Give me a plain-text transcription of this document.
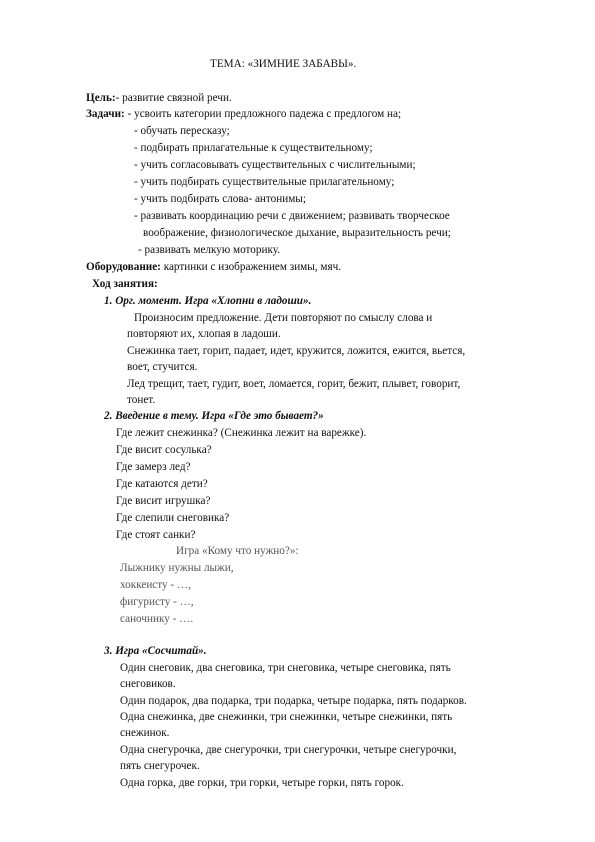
ТЕМА: «ЗИМНИЕ ЗАБАВЫ».
Цель:- развитие связной речи.
Задачи: - усвоить категории предложного падежа с предлогом на;
- обучать пересказу;
- подбирать прилагательные к существительному;
- учить согласовывать существительных с числительными;
- учить подбирать существительные прилагательному;
- учить подбирать слова- антонимы;
- развивать координацию речи с движением; развивать творческое
воображение, физиологическое дыхание, выразительность речи;
- развивать мелкую моторику.
Оборудование: картинки с изображением зимы, мяч.
Ход занятия:
1. Орг. момент. Игра «Хлопни в ладоши».
Произносим предложение. Дети повторяют по смыслу слова и
повторяют их, хлопая в ладоши.
Снежинка тает, горит, падает, идет, кружится, ложится, ежится, вьется,
воет, стучится.
Лед трещит, тает, гудит, воет, ломается, горит, бежит, плывет, говорит,
тонет.
2. Введение в тему. Игра «Где это бывает?»
Где лежит снежинка? (Снежинка лежит на варежке).
Где висит сосулька?
Где замерз лед?
Где катаются дети?
Где висит игрушка?
Где слепили снеговика?
Где стоят санки?
Игра «Кому что нужно?»:
Лыжнику нужны лыжи,
хоккеисту - …,
фигуристу - …,
саночнику - ….
3. Игра «Сосчитай».
Один снеговик, два снеговика, три снеговика, четыре снеговика, пять
снеговиков.
Один подарок, два подарка, три подарка, четыре подарка, пять подарков.
Одна снежинка, две снежинки, три снежинки, четыре снежинки, пять
снежинок.
Одна снегурочка, две снегурочки, три снегурочки, четыре снегурочки,
пять снегурочек.
Одна горка, две горки, три горки, четыре горки, пять горок.
